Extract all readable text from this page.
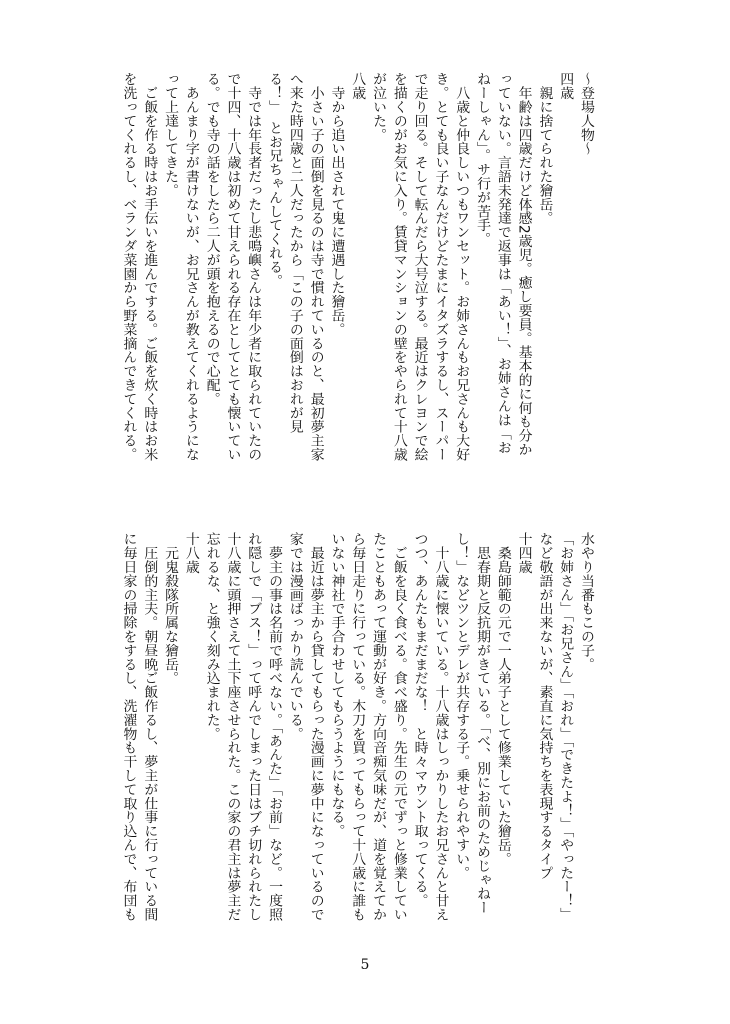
～登場人物～
四歳
　親に捨てられた獪岳。
　年齢は四歳だけど体感2歳児。癒し要員。基本的に何も分か
っていない。言語未発達で返事は「あい！」、お姉さんは「お
ねーしゃん」。サ行が苦手。
　八歳と仲良しいつもワンセット。お姉さんもお兄さんも大好
き。とても良い子なんだけどたまにイタズラするし、スーパー
で走り回る。そして転んだら大号泣する。最近はクレヨンで絵
を描くのがお気に入り。賃貸マンションの壁をやられて十八歳
が泣いた。
八歳
　寺から追い出されて鬼に遭遇した獪岳。
　小さい子の面倒を見るのは寺で慣れているのと、最初夢主家
へ来た時四歳と二人だったから「この子の面倒はおれが見
る！」　とお兄ちゃんしてくれる。
　寺では年長者だったし悲鳴嶼さんは年少者に取られていたの
で十四、十八歳は初めて甘えられる存在としてとても懐いてい
る。でも寺の話をしたら二人が頭を抱えるので心配。
　あんまり字が書けないが、お兄さんが教えてくれるようにな
って上達してきた。
　ご飯を作る時はお手伝いを進んでする。ご飯を炊く時はお米
を洗ってくれるし、ベランダ菜園から野菜摘んできてくれる。
水やり当番もこの子。
「お姉さん」「お兄さん」「おれ」「できたよ！」「やったー！」
など敬語が出来ないが、素直に気持ちを表現するタイプ
十四歳
　桑島師範の元で一人弟子として修業していた獪岳。
　思春期と反抗期がきている。「べ、別にお前のためじゃねー
し！」などツンとデレが共存する子。乗せられやすい。
　十八歳に懐いている。十八歳はしっかりしたお兄さんと甘え
つつ、あんたもまだまだな！　と時々マウント取ってくる。
　ご飯を良く食べる。食べ盛り。先生の元でずっと修業してい
たこともあって運動が好き。方向音痴気味だが、道を覚えてか
ら毎日走りに行っている。木刀を買ってもらって十八歳に誰も
いない神社で手合わせしてもらうようにもなる。
　最近は夢主から貸してもらった漫画に夢中になっているので
家では漫画ばっかり読んでいる。
　夢主の事は名前で呼べない。「あんた」「お前」など。一度照
れ隠しで「ブス！」って呼んでしまった日はブチ切れられたし
十八歳に頭押さえて土下座させられた。この家の君主は夢主だ
忘れるな、と強く刻み込まれた。
十八歳
　元鬼殺隊所属な獪岳。
　圧倒的主夫。朝昼晩ご飯作るし、夢主が仕事に行っている間
に毎日家の掃除をするし、洗濯物も干して取り込んで、布団も
5
